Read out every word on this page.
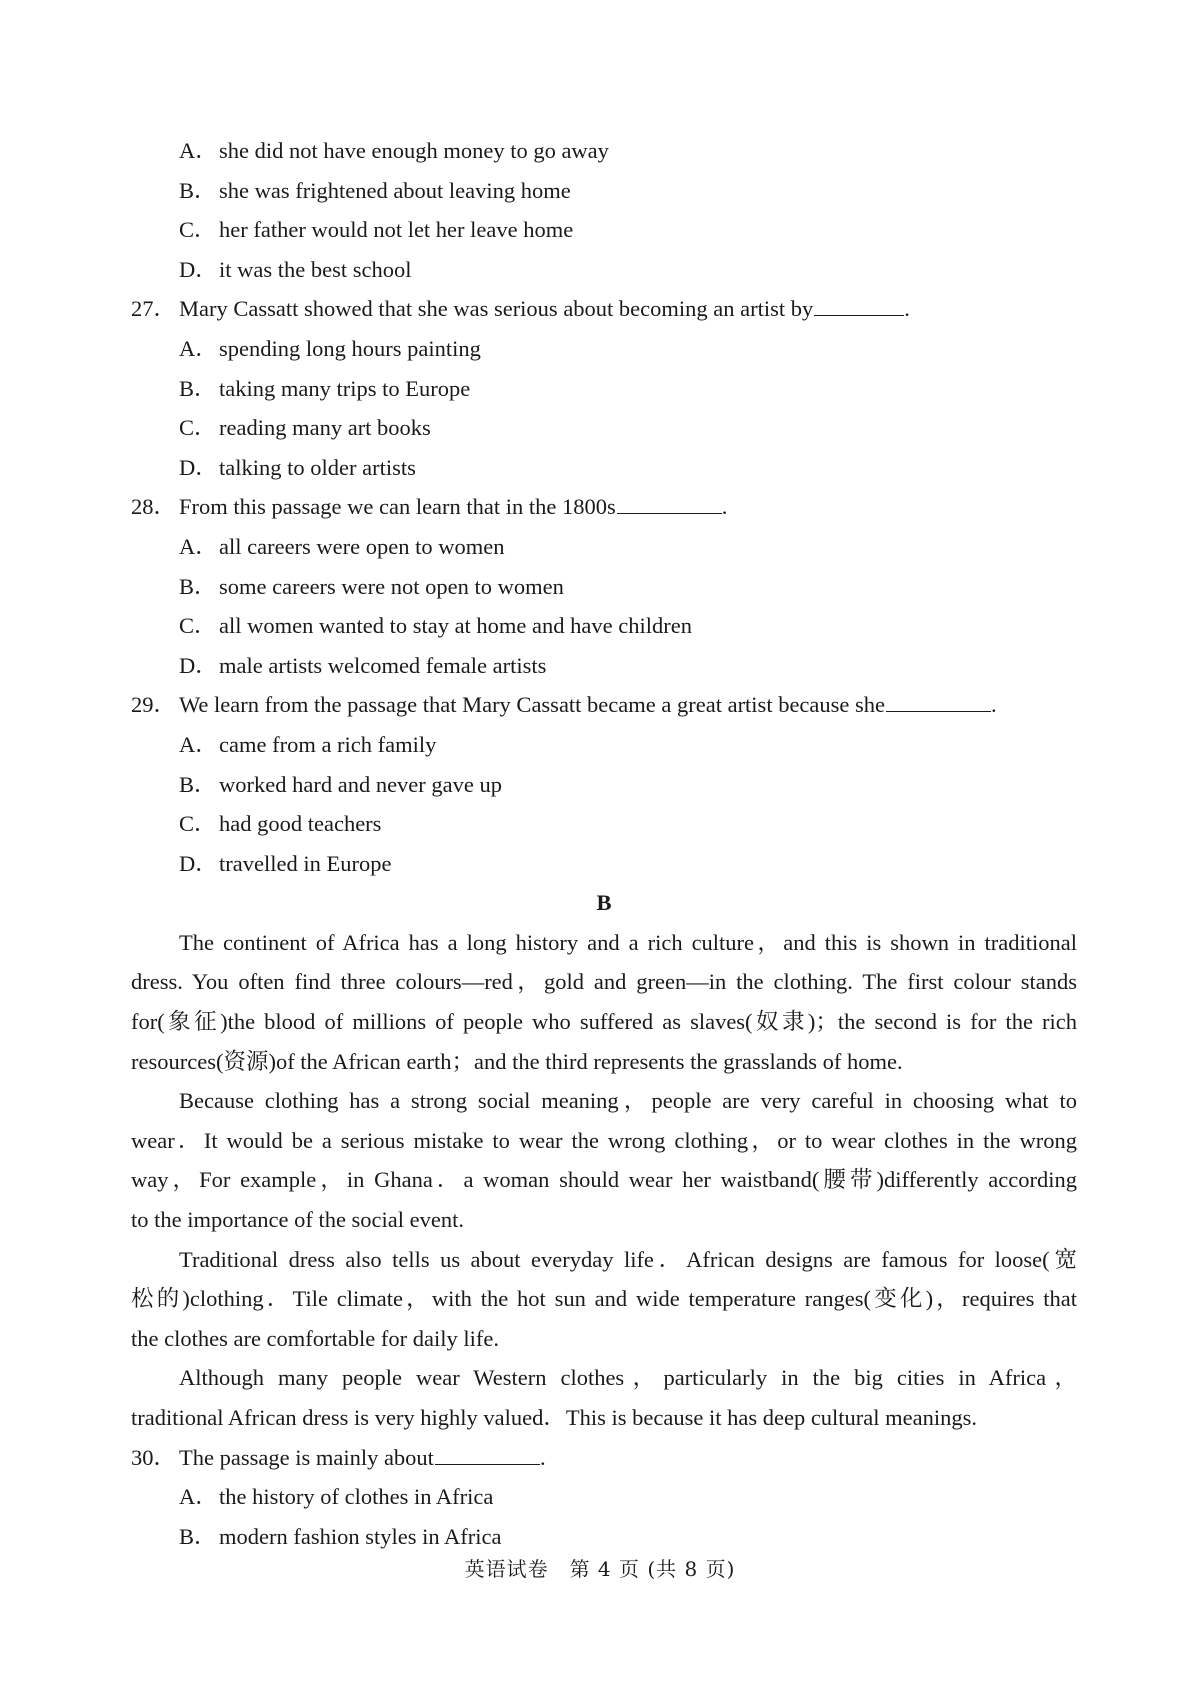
A．she did not have enough money to go away
B． she was frightened about leaving home
C． her father would not let her leave home
D．it was the best school
27． Mary Cassatt showed that she was serious about becoming an artist by	.
A．spending long hours painting
B． taking many trips to Europe
C． reading many art books
D．talking to older artists
28． From this passage we can learn that in the 1800s	.
A．all careers were open to women
B． some careers were not open to women
C． all women wanted to stay at home and have children
D．male artists welcomed female artists
29． We learn from the passage that Mary Cassatt became a great artist because she	.
A．came from a rich family
B． worked hard and never gave up
C． had good teachers
D．travelled in Europe
B
The continent of Africa has a long history and a rich culture，and this is shown in traditional
dress. You often find three colours—red，gold and green—in the clothing. The first colour stands
for(象征)the blood of millions of people who suffered as slaves(奴隶)；the second is for the rich
resources(资源)of the African earth；and the third represents the grasslands of home.
Because clothing has a strong social meaning，people are very careful in choosing what to
wear．It would be a serious mistake to wear the wrong clothing，or to wear clothes in the wrong
way，For example，in Ghana．a woman should wear her waistband(腰带)differently according
to the importance of the social event.
Traditional dress also tells us about everyday life．African designs are famous for loose(宽
松的)clothing．Tile climate，with the hot sun and wide temperature ranges(变化)，requires that
the clothes are comfortable for daily life.
Although many people wear Western clothes，particularly in the big cities in Africa，
traditional African dress is very highly valued．This is because it has deep cultural meanings.
30． The passage is mainly about	.
A．the history of clothes in Africa
B． modern fashion styles in Africa
英语试卷　第 4 页 (共 8 页)
